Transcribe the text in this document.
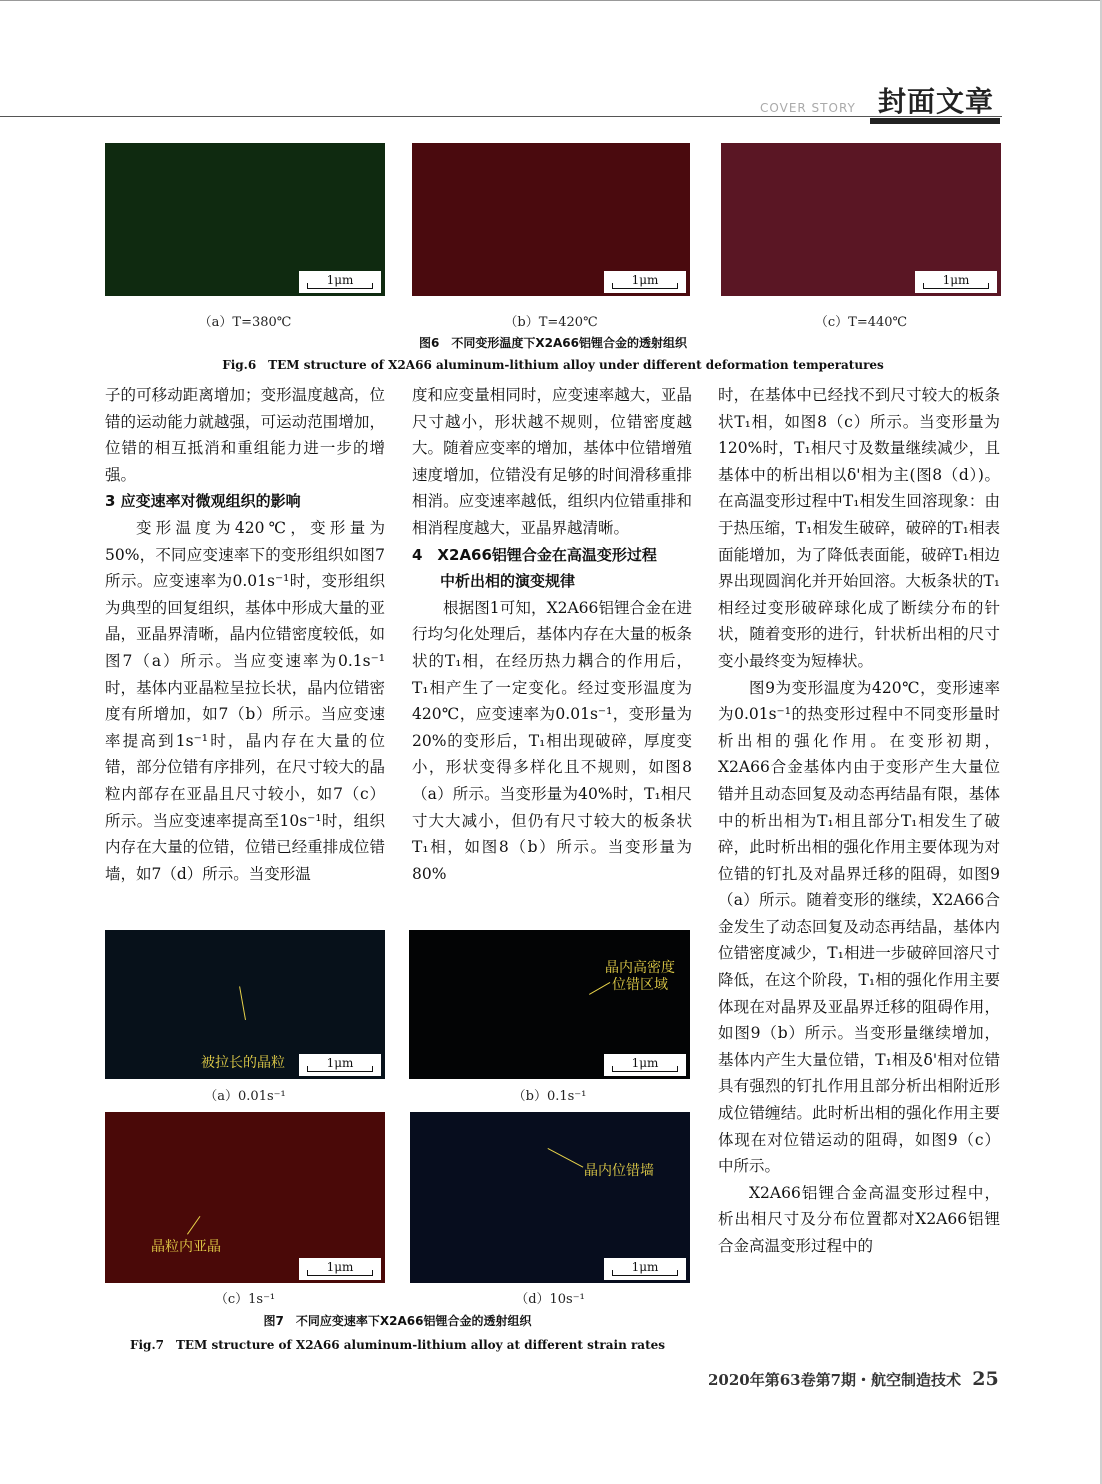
COVER STORY 封面文章
1μm	1μm	1μm
（a）T=380℃	（b）T=420℃	（c）T=440℃
图6　不同变形温度下X2A66铝锂合金的透射组织
Fig.6　TEM structure of X2A66 aluminum-lithium alloy under different deformation temperatures

子的可移动距离增加；变形温度越高，位错的运动能力就越强，可运动范围增加，位错的相互抵消和重组能力进一步的增强。

3 应变速率对微观组织的影响

变形温度为420℃，变形量为50%，不同应变速率下的变形组织如图7所示。应变速率为0.01s⁻¹时，变形组织为典型的回复组织，基体中形成大量的亚晶，亚晶界清晰，晶内位错密度较低，如图7（a）所示。当应变速率为0.1s⁻¹时，基体内亚晶粒呈拉长状，晶内位错密度有所增加，如7（b）所示。当应变速率提高到1s⁻¹时，晶内存在大量的位错，部分位错有序排列，在尺寸较大的晶粒内部存在亚晶且尺寸较小，如7（c）所示。当应变速率提高至10s⁻¹时，组织内存在大量的位错，位错已经重排成位错墙，如7（d）所示。当变形温

度和应变量相同时，应变速率越大，亚晶尺寸越小，形状越不规则，位错密度越大。随着应变率的增加，基体中位错增殖速度增加，位错没有足够的时间滑移重排相消。应变速率越低，组织内位错重排和相消程度越大，亚晶界越清晰。

4　X2A66铝锂合金在高温变形过程
中析出相的演变规律

根据图1可知，X2A66铝锂合金在进行均匀化处理后，基体内存在大量的板条状的T₁相，在经历热力耦合的作用后，T₁相产生了一定变化。经过变形温度为420℃，应变速率为0.01s⁻¹，变形量为20%的变形后，T₁相出现破碎，厚度变小，形状变得多样化且不规则，如图8（a）所示。当变形量为40%时，T₁相尺寸大大减小，但仍有尺寸较大的板条状T₁相，如图8（b）所示。当变形量为80%

时，在基体中已经找不到尺寸较大的板条状T₁相，如图8（c）所示。当变形量为120%时，T₁相尺寸及数量继续减少，且基体中的析出相以δ'相为主(图8（d）)。在高温变形过程中T₁相发生回溶现象：由于热压缩，T₁相发生破碎，破碎的T₁相表面能增加，为了降低表面能，破碎T₁相边界出现圆润化并开始回溶。大板条状的T₁相经过变形破碎球化成了断续分布的针状，随着变形的进行，针状析出相的尺寸变小最终变为短棒状。

图9为变形温度为420℃，变形速率为0.01s⁻¹的热变形过程中不同变形量时析出相的强化作用。在变形初期，X2A66合金基体内由于变形产生大量位错并且动态回复及动态再结晶有限，基体中的析出相为T₁相且部分T₁相发生了破碎，此时析出相的强化作用主要体现为对位错的钉扎及对晶界迁移的阻碍，如图9（a）所示。随着变形的继续，X2A66合金发生了动态回复及动态再结晶，基体内位错密度减少，T₁相进一步破碎回溶尺寸降低，在这个阶段，T₁相的强化作用主要体现在对晶界及亚晶界迁移的阻碍作用，如图9（b）所示。当变形量继续增加，基体内产生大量位错，T₁相及δ'相对位错具有强烈的钉扎作用且部分析出相附近形成位错缠结。此时析出相的强化作用主要体现在对位错运动的阻碍，如图9（c）中所示。

X2A66铝锂合金高温变形过程中，析出相尺寸及分布位置都对X2A66铝锂合金高温变形过程中的

被拉长的晶粒	1μm
晶内高密度
位错区域
1μm
（a）0.01s⁻¹	（b）0.1s⁻¹
晶粒内亚晶
1μm
晶内位错墙
1μm
（c）1s⁻¹	（d）10s⁻¹
图7　不同应变速率下X2A66铝锂合金的透射组织
Fig.7　TEM structure of X2A66 aluminum-lithium alloy at different strain rates
2020年第63卷第7期・航空制造技术 25
